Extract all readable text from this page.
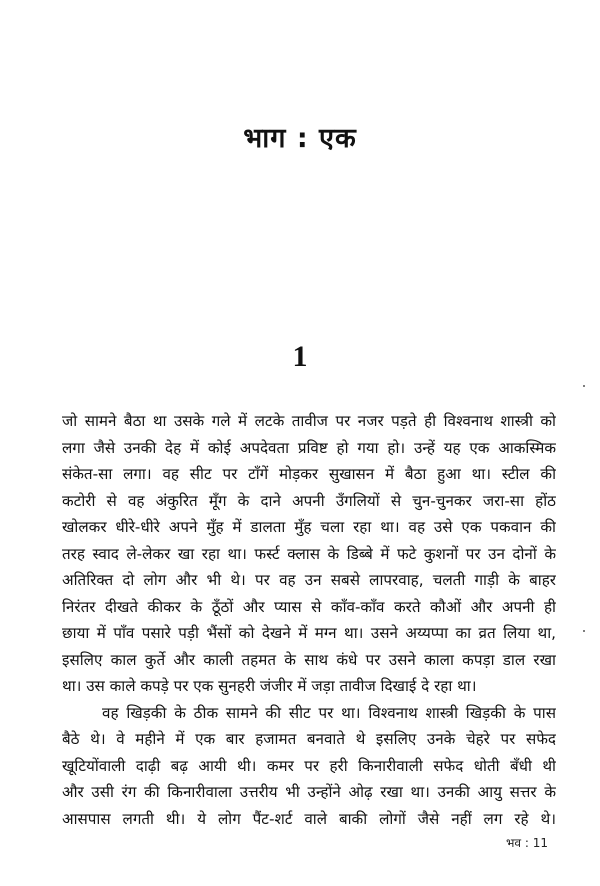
भाग : एक
1
जो सामने बैठा था उसके गले में लटके तावीज पर नजर पड़ते ही विश्वनाथ शास्त्री को
लगा जैसे उनकी देह में कोई अपदेवता प्रविष्ट हो गया हो। उन्हें यह एक आकस्मिक
संकेत-सा लगा। वह सीट पर टाँगें मोड़कर सुखासन में बैठा हुआ था। स्टील की
कटोरी से वह अंकुरित मूँग के दाने अपनी उँगलियों से चुन-चुनकर जरा-सा होंठ
खोलकर धीरे-धीरे अपने मुँह में डालता मुँह चला रहा था। वह उसे एक पकवान की
तरह स्वाद ले-लेकर खा रहा था। फर्स्ट क्लास के डिब्बे में फटे कुशनों पर उन दोनों के
अतिरिक्त दो लोग और भी थे। पर वह उन सबसे लापरवाह, चलती गाड़ी के बाहर
निरंतर दीखते कीकर के ठूँठों और प्यास से काँव-काँव करते कौओं और अपनी ही
छाया में पाँव पसारे पड़ी भैंसों को देखने में मग्न था। उसने अय्यप्पा का व्रत लिया था,
इसलिए काल कुर्ते और काली तहमत के साथ कंधे पर उसने काला कपड़ा डाल रखा
था। उस काले कपड़े पर एक सुनहरी जंजीर में जड़ा तावीज दिखाई दे रहा था।
वह खिड़की के ठीक सामने की सीट पर था। विश्वनाथ शास्त्री खिड़की के पास
बैठे थे। वे महीने में एक बार हजामत बनवाते थे इसलिए उनके चेहरे पर सफेद
खूटियोंवाली दाढ़ी बढ़ आयी थी। कमर पर हरी किनारीवाली सफेद धोती बँधी थी
और उसी रंग की किनारीवाला उत्तरीय भी उन्होंने ओढ़ रखा था। उनकी आयु सत्तर के
आसपास लगती थी। ये लोग पैंट-शर्ट वाले बाकी लोगों जैसे नहीं लग रहे थे।
भव : 11
